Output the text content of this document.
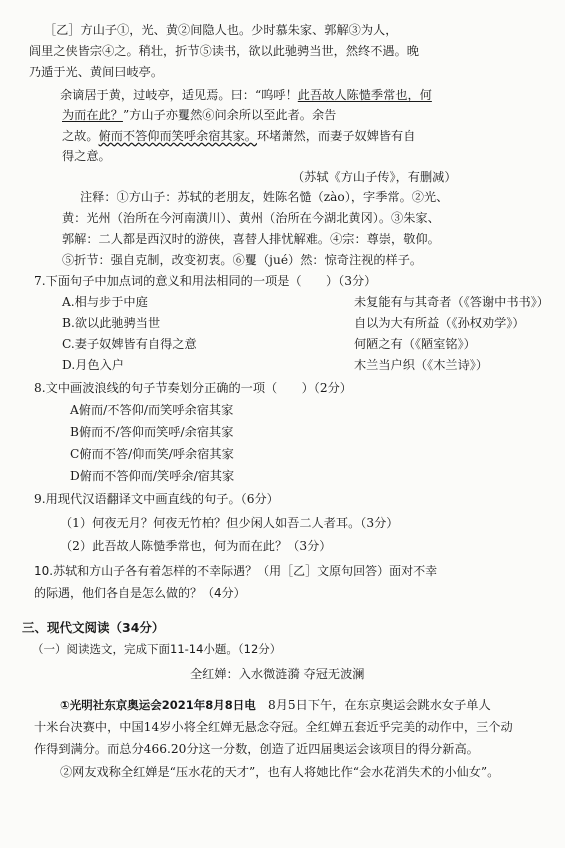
［乙］方山子①，光、黄②间隐人也。少时慕朱家、郭解③为人，
闾里之侠皆宗④之。稍壮，折节⑤读书，欲以此驰骋当世，然终不遇。晚
乃遁于光、黄间曰岐亭。
余谪居于黄，过岐亭，适见焉。曰：“呜呼！此吾故人陈慥季常也，何
为而在此？”方山子亦矍然⑥问余所以至此者。余告
之故。俯而不答仰而笑呼余宿其家。环堵萧然，而妻子奴婢皆有自
得之意。
（苏轼《方山子传》，有删减）
注释：①方山子：苏轼的老朋友，姓陈名慥（zào），字季常。②光、
黄：光州（治所在今河南潢川）、黄州（治所在今湖北黄冈）。③朱家、
郭解：二人都是西汉时的游侠，喜替人排忧解难。④宗：尊崇，敬仰。
⑤折节：强自克制，改变初衷。⑥矍（jué）然：惊奇注视的样子。
7.下面句子中加点词的意义和用法相同的一项是（　　）（3分）
A.相与步于中庭	未复能有与其奇者（《答谢中书书》）
B.欲以此驰骋当世	自以为大有所益（《孙权劝学》）
C.妻子奴婢皆有自得之意	何陋之有（《陋室铭》）
D.月色入户	木兰当户织（《木兰诗》）
8.文中画波浪线的句子节奏划分正确的一项（　　）（2分）
A俯而/不答仰/而笑呼余宿其家
B俯而不/答仰而笑呼/余宿其家
C俯而不答/仰而笑/呼余宿其家
D俯而不答仰而/笑呼余/宿其家
9.用现代汉语翻译文中画直线的句子。（6分）
（1）何夜无月？何夜无竹柏？但少闲人如吾二人者耳。（3分）
（2）此吾故人陈慥季常也，何为而在此？（3分）
10.苏轼和方山子各有着怎样的不幸际遇？（用［乙］文原句回答）面对不幸
的际遇，他们各自是怎么做的？（4分）
三、现代文阅读（34分）
（一）阅读选文，完成下面11-14小题。（12分）
全红婵：入水微涟漪 夺冠无波澜
①光明社东京奥运会2021年8月8日电　 8月5日下午，在东京奥运会跳水女子单人
十米台决赛中，中国14岁小将全红婵无悬念夺冠。全红婵五套近乎完美的动作中，三个动
作得到满分。而总分466.20分这一分数，创造了近四届奥运会该项目的得分新高。
②网友戏称全红婵是“压水花的天才”，也有人将她比作“会水花消失术的小仙女”。
